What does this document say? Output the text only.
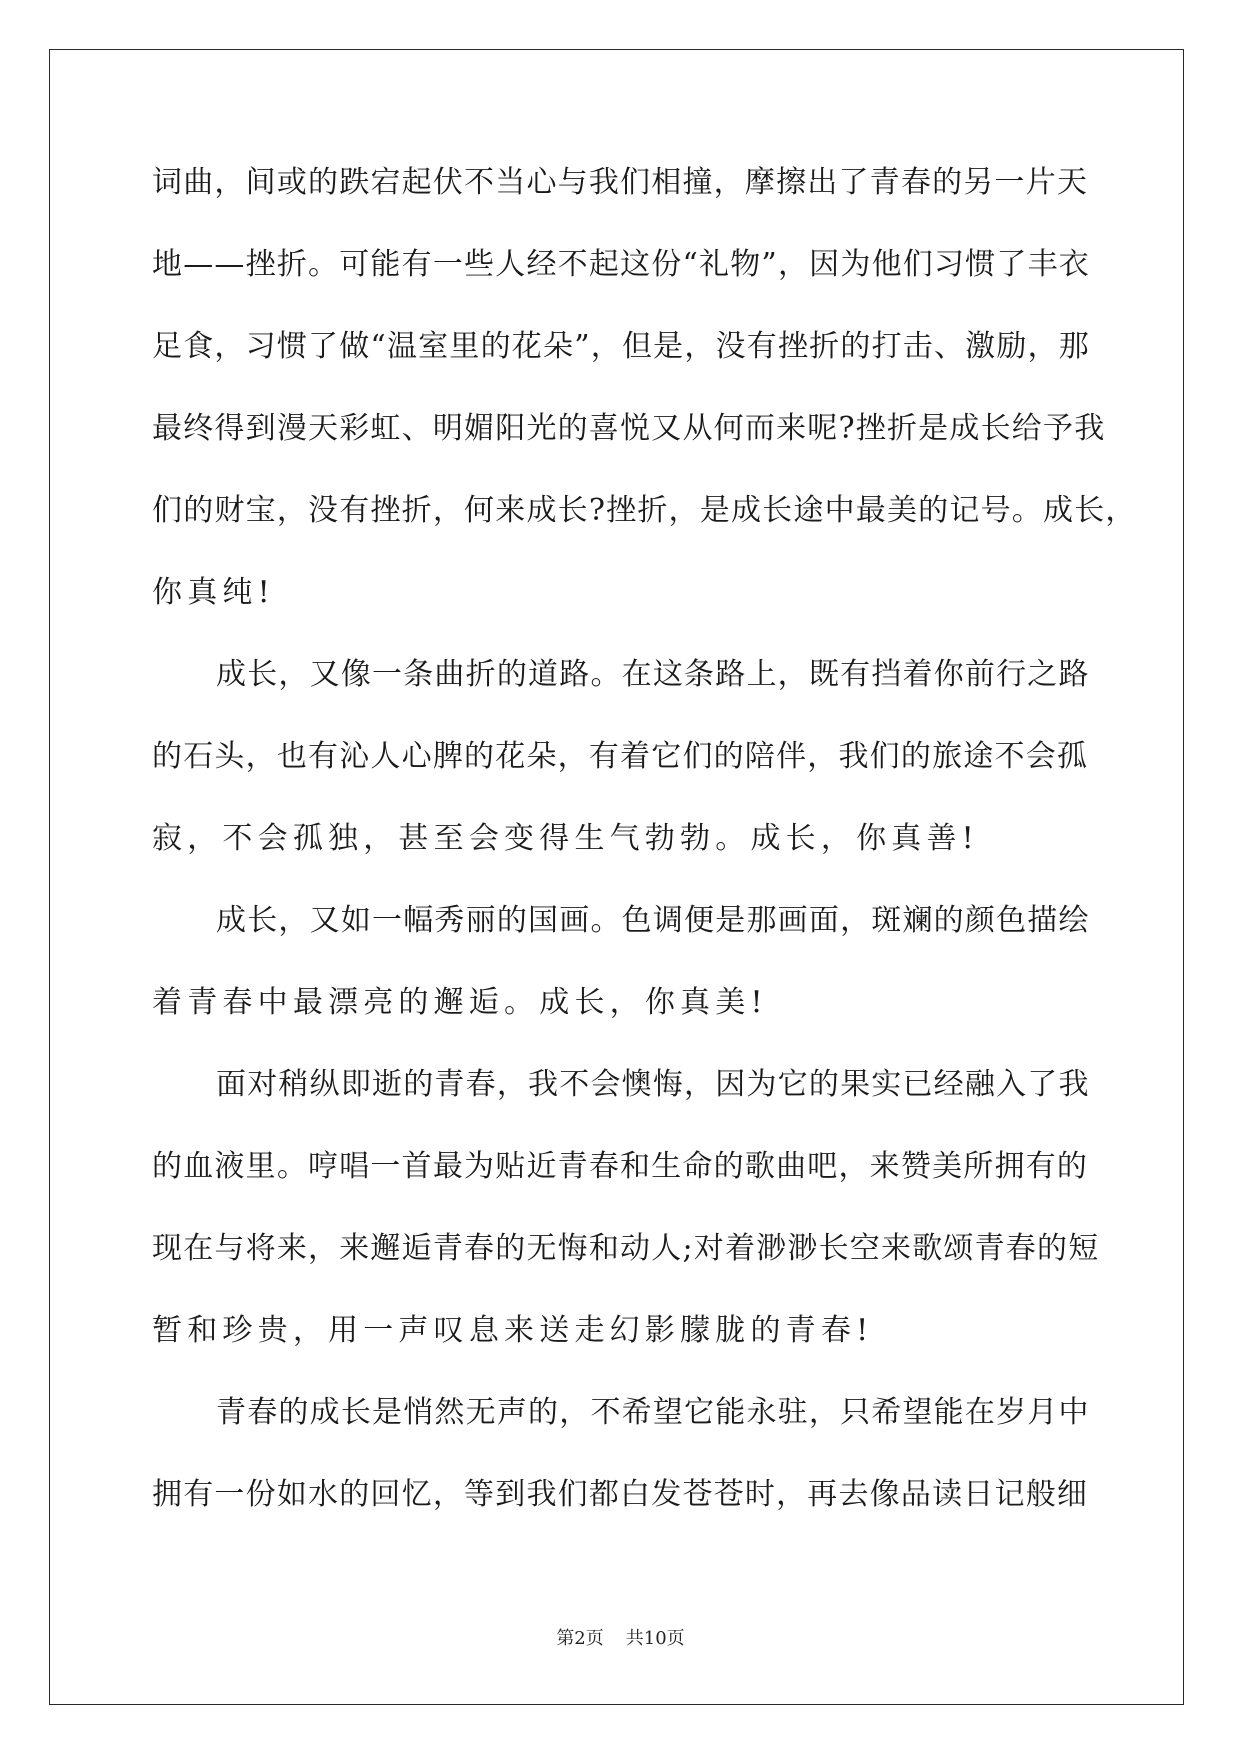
词 曲 ， 间 或 的 跌 宕 起 伏 不 当 心 与 我 们 相 撞 ， 摩 擦 出 了 青 春 的 另 一 片 天
地 — — 挫 折 。 可 能 有 一 些 人 经 不 起 这 份 “ 礼 物 ” ， 因 为 他 们 习 惯 了 丰 衣
足 食 ， 习 惯 了 做 “ 温 室 里 的 花 朵 ” ， 但 是 ， 没 有 挫 折 的 打 击 、 激 励 ， 那
最 终 得 到 漫 天 彩 虹 、 明 媚 阳 光 的 喜 悦 又 从 何 而 来 呢 ? 挫 折 是 成 长 给 予 我
们 的 财 宝 ， 没 有 挫 折 ， 何 来 成 长 ? 挫 折 ， 是 成 长 途 中 最 美 的 记 号 。 成 长 ，
你 真 纯 !
成 长 ， 又 像 一 条 曲 折 的 道 路 。 在 这 条 路 上 ， 既 有 挡 着 你 前 行 之 路
的 石 头 ， 也 有 沁 人 心 脾 的 花 朵 ， 有 着 它 们 的 陪 伴 ， 我 们 的 旅 途 不 会 孤
寂 ， 不 会 孤 独 ， 甚 至 会 变 得 生 气 勃 勃 。 成 长 ， 你 真 善 !
成 长 ， 又 如 一 幅 秀 丽 的 国 画 。 色 调 便 是 那 画 面 ， 斑 斓 的 颜 色 描 绘
着 青 春 中 最 漂 亮 的 邂 逅 。 成 长 ， 你 真 美 !
面 对 稍 纵 即 逝 的 青 春 ， 我 不 会 懊 悔 ， 因 为 它 的 果 实 已 经 融 入 了 我
的 血 液 里 。 哼 唱 一 首 最 为 贴 近 青 春 和 生 命 的 歌 曲 吧 ， 来 赞 美 所 拥 有 的
现 在 与 将 来 ， 来 邂 逅 青 春 的 无 悔 和 动 人 ; 对 着 渺 渺 长 空 来 歌 颂 青 春 的 短
暂 和 珍 贵 ， 用 一 声 叹 息 来 送 走 幻 影 朦 胧 的 青 春 !
青 春 的 成 长 是 悄 然 无 声 的 ， 不 希 望 它 能 永 驻 ， 只 希 望 能 在 岁 月 中
拥 有 一 份 如 水 的 回 忆 ， 等 到 我 们 都 白 发 苍 苍 时 ， 再 去 像 品 读 日 记 般 细
第2页 共10页
